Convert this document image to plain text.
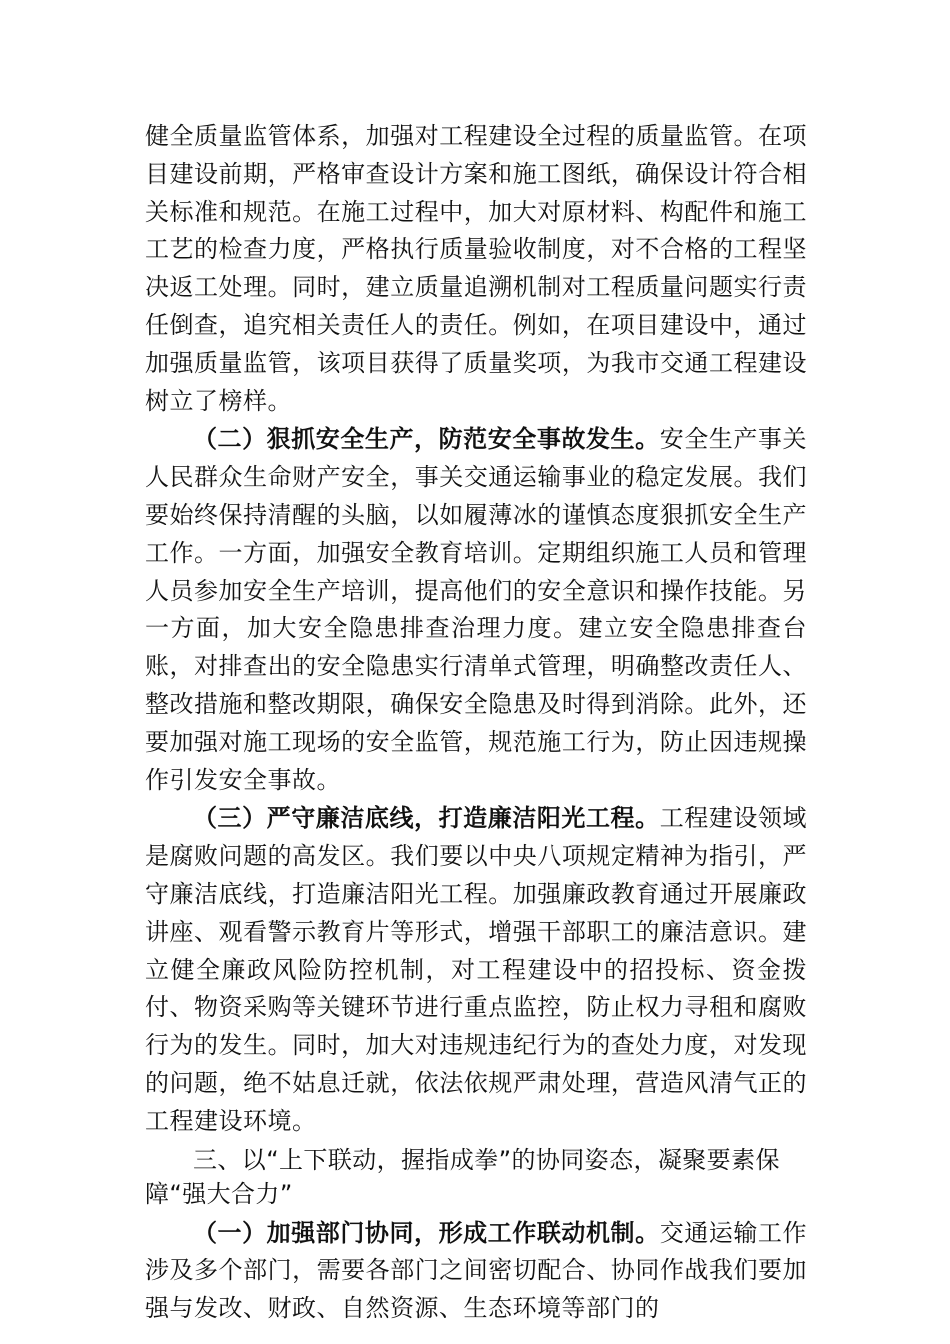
健全质量监管体系，加强对工程建设全过程的质量监管。在项目建设前期，严格审查设计方案和施工图纸，确保设计符合相关标准和规范。在施工过程中，加大对原材料、构配件和施工工艺的检查力度，严格执行质量验收制度，对不合格的工程坚决返工处理。同时，建立质量追溯机制对工程质量问题实行责任倒查，追究相关责任人的责任。例如，在项目建设中，通过加强质量监管，该项目获得了质量奖项，为我市交通工程建设树立了榜样。

（二）狠抓安全生产，防范安全事故发生。安全生产事关人民群众生命财产安全，事关交通运输事业的稳定发展。我们要始终保持清醒的头脑，以如履薄冰的谨慎态度狠抓安全生产工作。一方面，加强安全教育培训。定期组织施工人员和管理人员参加安全生产培训，提高他们的安全意识和操作技能。另一方面，加大安全隐患排查治理力度。建立安全隐患排查台账，对排查出的安全隐患实行清单式管理，明确整改责任人、整改措施和整改期限，确保安全隐患及时得到消除。此外，还要加强对施工现场的安全监管，规范施工行为，防止因违规操作引发安全事故。

（三）严守廉洁底线，打造廉洁阳光工程。工程建设领域是腐败问题的高发区。我们要以中央八项规定精神为指引，严守廉洁底线，打造廉洁阳光工程。加强廉政教育通过开展廉政讲座、观看警示教育片等形式，增强干部职工的廉洁意识。建立健全廉政风险防控机制，对工程建设中的招投标、资金拨付、物资采购等关键环节进行重点监控，防止权力寻租和腐败行为的发生。同时，加大对违规违纪行为的查处力度，对发现的问题，绝不姑息迁就，依法依规严肃处理，营造风清气正的工程建设环境。

三、以“上下联动，握指成拳”的协同姿态，凝聚要素保障“强大合力”

（一）加强部门协同，形成工作联动机制。交通运输工作涉及多个部门，需要各部门之间密切配合、协同作战我们要加强与发改、财政、自然资源、生态环境等部门的
